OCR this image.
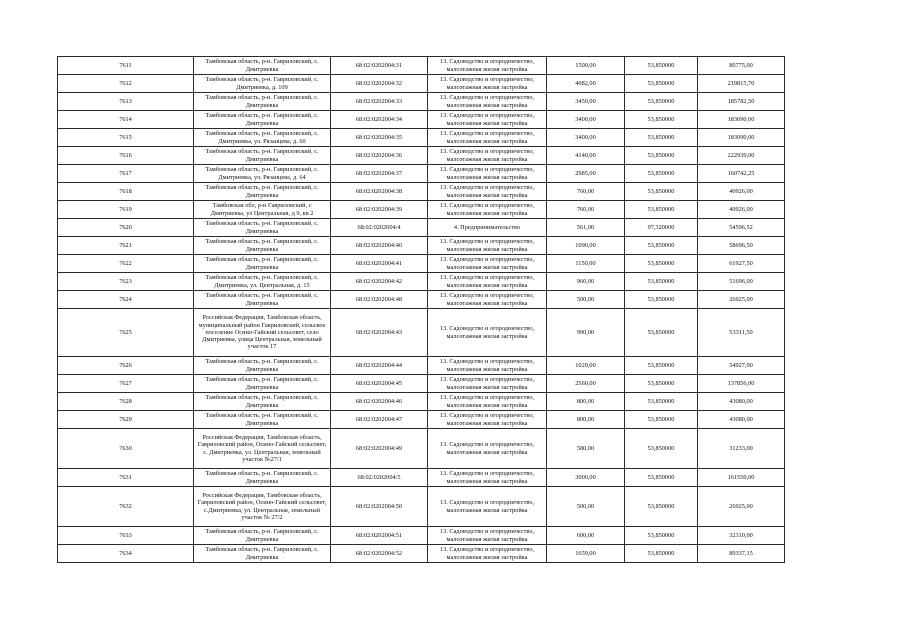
7611	Тамбовская область, р-н. Гавриловский, с. Дмитриевка	68:02:0202004:31	13. Садоводство и огородничество, малоэтажная жилая застройка	1500,00	53,850000	80775,00
7612	Тамбовская область, р-н. Гавриловский, с. Дмитриевка, д. 109	68:02:0202004:32	13. Садоводство и огородничество, малоэтажная жилая застройка	4082,00	53,850000	219815,70
7613	Тамбовская область, р-н. Гавриловский, с. Дмитриевка	68:02:0202004:33	13. Садоводство и огородничество, малоэтажная жилая застройка	3450,00	53,850000	185782,50
7614	Тамбовская область, р-н. Гавриловский, с. Дмитриевка	68:02:0202004:34	13. Садоводство и огородничество, малоэтажная жилая застройка	3400,00	53,850000	183090,00
7615	Тамбовская область, р-н. Гавриловский, с. Дмитриевка, ул. Рязанцева, д. 60	68:02:0202004:35	13. Садоводство и огородничество, малоэтажная жилая застройка	3400,00	53,850000	183090,00
7616	Тамбовская область, р-н. Гавриловский, с. Дмитриевка	68:02:0202004:36	13. Садоводство и огородничество, малоэтажная жилая застройка	4140,00	53,850000	222939,00
7617	Тамбовская область, р-н. Гавриловский, с. Дмитриевка, ул. Рязанцева, д. 64	68:02:0202004:37	13. Садоводство и огородничество, малоэтажная жилая застройка	2985,00	53,850000	160742,25
7618	Тамбовская область, р-н. Гавриловский, с. Дмитриевка	68:02:0202004:38	13. Садоводство и огородничество, малоэтажная жилая застройка	760,00	53,850000	40926,00
7619	Тамбовская обл, р-н Гавриловский, с Дмитриевка, ул Центральная, д 9, кв 2	68:02:0202004:39	13. Садоводство и огородничество, малоэтажная жилая застройка	760,00	53,850000	40926,00
7620	Тамбовская область, р-н. Гавриловский, с. Дмитриевка	68:02:0202004:4	4. Предпринимательство	561,00	97,320000	54596,52
7621	Тамбовская область, р-н. Гавриловский, с. Дмитриевка	68:02:0202004:40	13. Садоводство и огородничество, малоэтажная жилая застройка	1090,00	53,850000	58696,50
7622	Тамбовская область, р-н. Гавриловский, с. Дмитриевка	68:02:0202004:41	13. Садоводство и огородничество, малоэтажная жилая застройка	1150,00	53,850000	61927,50
7623	Тамбовская область, р-н. Гавриловский, с. Дмитриевка, ул. Центральная, д. 15	68:02:0202004:42	13. Садоводство и огородничество, малоэтажная жилая застройка	960,00	53,850000	51696,00
7624	Тамбовская область, р-н. Гавриловский, с. Дмитриевка	68:02:0202004:48	13. Садоводство и огородничество, малоэтажная жилая застройка	500,00	53,850000	26925,00
7625	Российская Федерация, Тамбовская область, муниципальный район Гавриловский, сельское поселение Осино-Гайский сельсовет, село Дмитриевка, улица Центральная, земельный участок 17	68:02:0202004:43	13. Садоводство и огородничество, малоэтажная жилая застройка	990,00	53,850000	53311,50
7626	Тамбовская область, р-н. Гавриловский, с. Дмитриевка	68:02:0202004:44	13. Садоводство и огородничество, малоэтажная жилая застройка	1020,00	53,850000	54927,00
7627	Тамбовская область, р-н. Гавриловский, с. Дмитриевка	68:02:0202004:45	13. Садоводство и огородничество, малоэтажная жилая застройка	2560,00	53,850000	137856,00
7628	Тамбовская область, р-н. Гавриловский, с. Дмитриевка	68:02:0202004:46	13. Садоводство и огородничество, малоэтажная жилая застройка	800,00	53,850000	43080,00
7629	Тамбовская область, р-н. Гавриловский, с. Дмитриевка	68:02:0202004:47	13. Садоводство и огородничество, малоэтажная жилая застройка	800,00	53,850000	43080,00
7630	Российская Федерация, Тамбовская область, Гавриловский район, Осино-Гайский сельсовет, с. Дмитриевка, ул. Центральная, земельный участок №27/1	68:02:0202004:49	13. Садоводство и огородничество, малоэтажная жилая застройка	580,00	53,850000	31233,00
7631	Тамбовская область, р-н. Гавриловский, с. Дмитриевка	68:02:0202004:5	13. Садоводство и огородничество, малоэтажная жилая застройка	3000,00	53,850000	161550,00
7632	Российская Федерация, Тамбовская область, Гавриловский район, Осино-Гайский сельсовет, с.Дмитриевка, ул. Центральная, земельный участок № 27/2	68:02:0202004:50	13. Садоводство и огородничество, малоэтажная жилая застройка	500,00	53,850000	26925,00
7633	Тамбовская область, р-н. Гавриловский, с. Дмитриевка	68:02:0202004:51	13. Садоводство и огородничество, малоэтажная жилая застройка	600,00	53,850000	32310,00
7634	Тамбовская область, р-н. Гавриловский, с. Дмитриевка	68:02:0202004:52	13. Садоводство и огородничество, малоэтажная жилая застройка	1659,00	53,850000	89337,15
